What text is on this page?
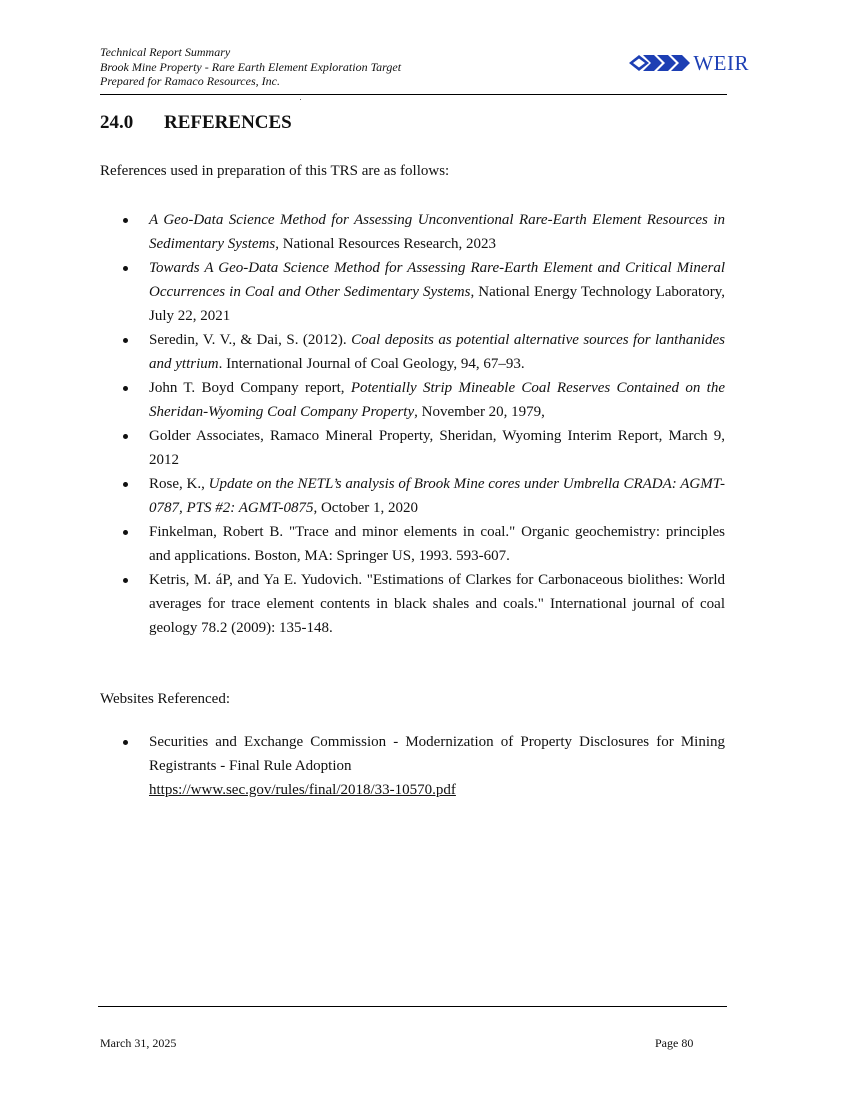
Technical Report Summary
Brook Mine Property - Rare Earth Element Exploration Target
Prepared for Ramaco Resources, Inc.
WEIR
24.0 REFERENCES

References used in preparation of this TRS are as follows:

A Geo-Data Science Method for Assessing Unconventional Rare-Earth Element Resources in Sedimentary Systems, National Resources Research, 2023
Towards A Geo-Data Science Method for Assessing Rare-Earth Element and Critical Mineral Occurrences in Coal and Other Sedimentary Systems, National Energy Technology Laboratory, July 22, 2021
Seredin, V. V., & Dai, S. (2012). Coal deposits as potential alternative sources for lanthanides and yttrium. International Journal of Coal Geology, 94, 67–93.
John T. Boyd Company report, Potentially Strip Mineable Coal Reserves Contained on the Sheridan-Wyoming Coal Company Property, November 20, 1979,
Golder Associates, Ramaco Mineral Property, Sheridan, Wyoming Interim Report, March 9, 2012
Rose, K., Update on the NETL’s analysis of Brook Mine cores under Umbrella CRADA: AGMT-0787, PTS #2: AGMT-0875, October 1, 2020
Finkelman, Robert B. "Trace and minor elements in coal." Organic geochemistry: principles and applications. Boston, MA: Springer US, 1993. 593-607.
Ketris, M. áP, and Ya E. Yudovich. "Estimations of Clarkes for Carbonaceous biolithes: World averages for trace element contents in black shales and coals." International journal of coal geology 78.2 (2009): 135-148.

Websites Referenced:

Securities and Exchange Commission - Modernization of Property Disclosures for Mining Registrants - Final Rule Adoption
https://www.sec.gov/rules/final/2018/33-10570.pdf
March 31, 2025	Page 80
